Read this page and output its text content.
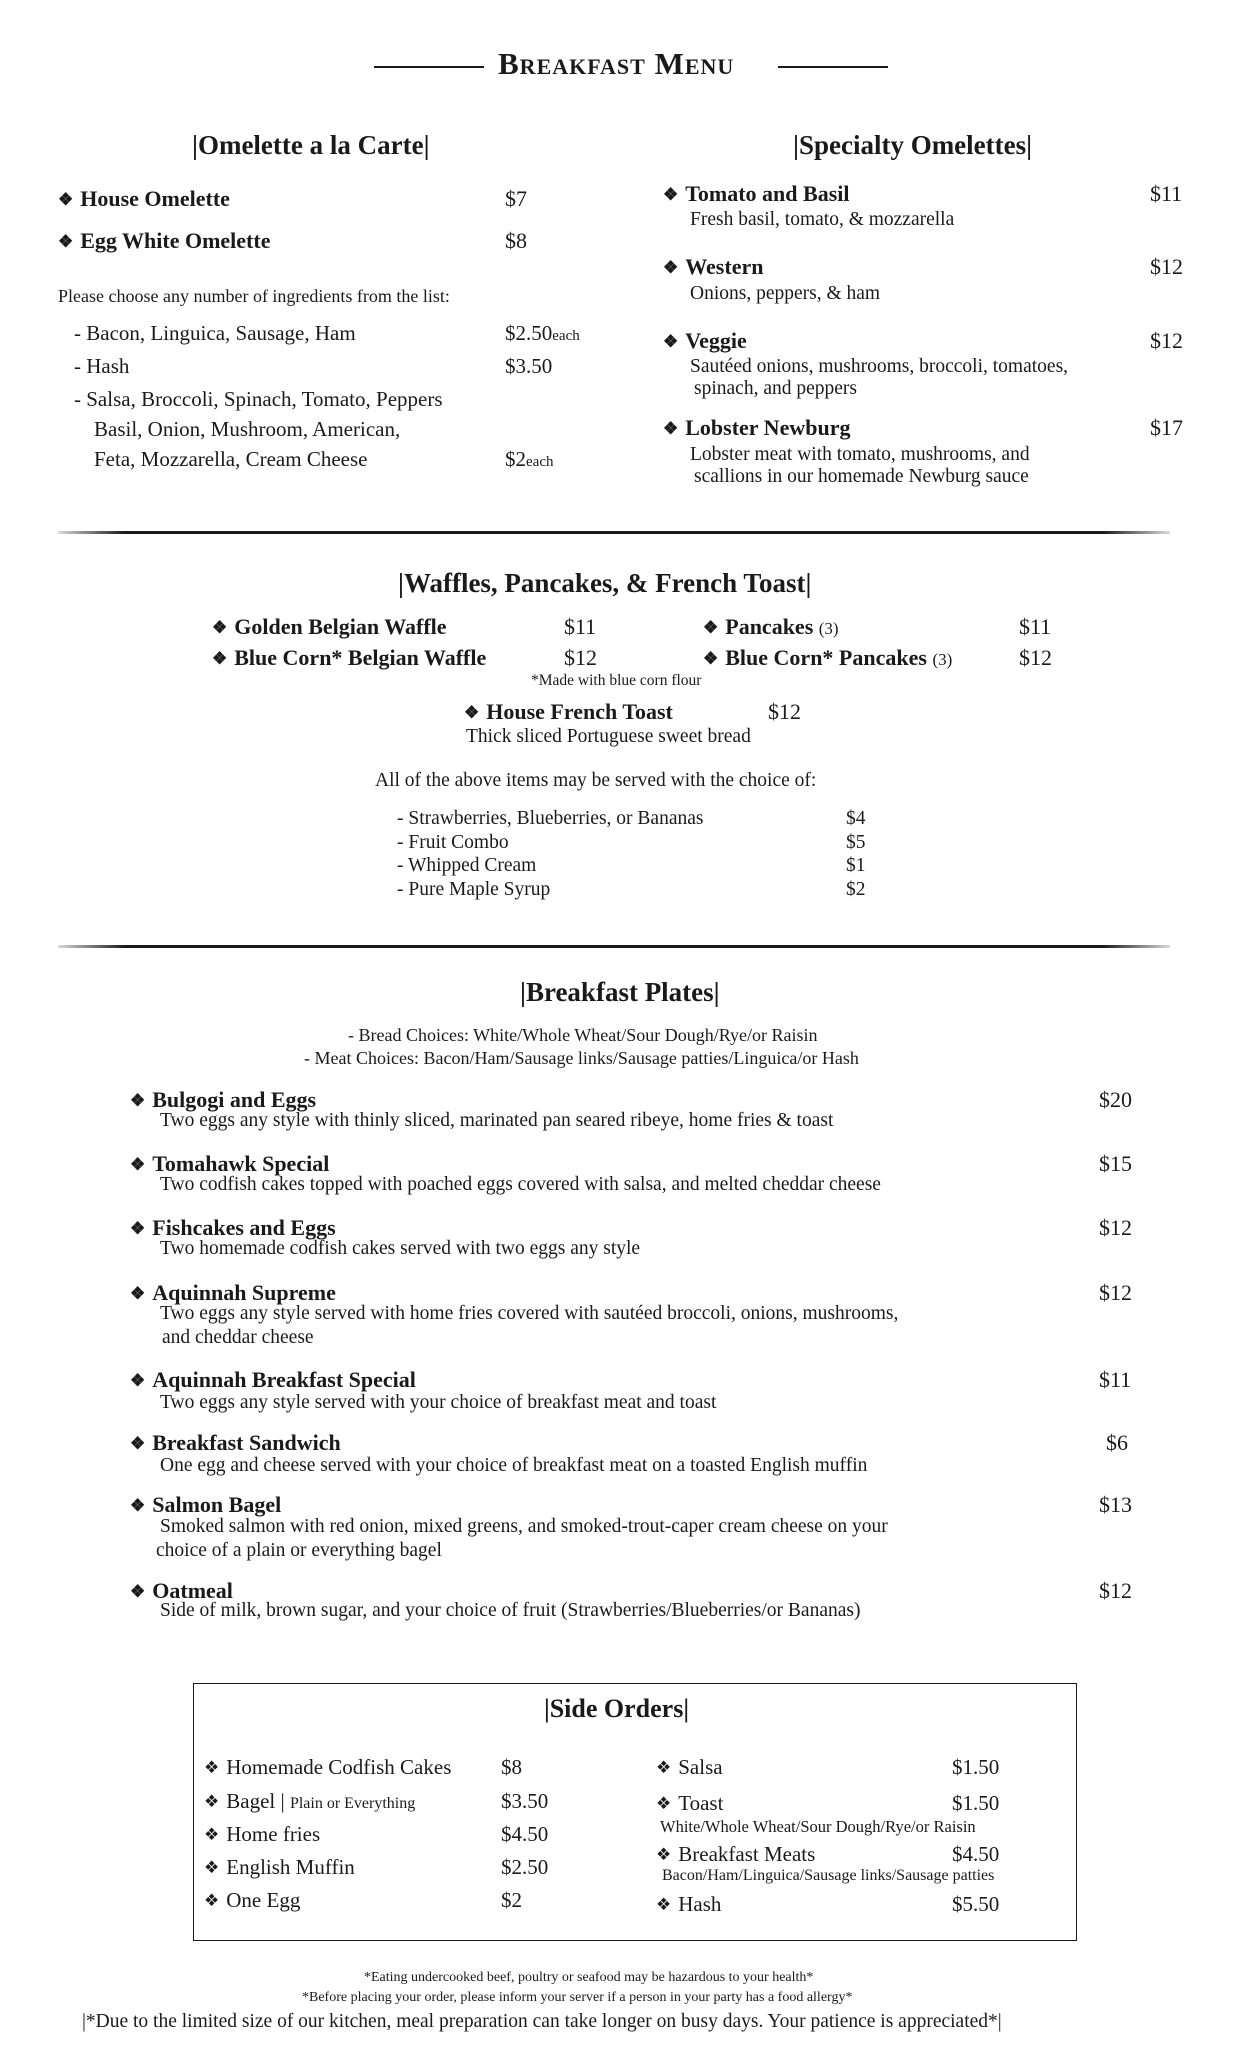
Breakfast Menu
|Omelette a la Carte|
❖ House Omelette	$7
❖ Egg White Omelette	$8
Please choose any number of ingredients from the list:
- Bacon, Linguica, Sausage, Ham	$2.50each
- Hash	$3.50
- Salsa, Broccoli, Spinach, Tomato, Peppers
Basil, Onion, Mushroom, American,
Feta, Mozzarella, Cream Cheese	$2each
|Specialty Omelettes|
❖ Tomato and Basil	$11
Fresh basil, tomato, & mozzarella
❖ Western	$12
Onions, peppers, & ham
❖ Veggie	$12
Sautéed onions, mushrooms, broccoli, tomatoes,
spinach, and peppers
❖ Lobster Newburg	$17
Lobster meat with tomato, mushrooms, and
scallions in our homemade Newburg sauce
|Waffles, Pancakes, & French Toast|
❖ Golden Belgian Waffle	$11
❖ Blue Corn* Belgian Waffle	$12
❖ Pancakes (3)	$11
❖ Blue Corn* Pancakes (3)	$12
*Made with blue corn flour
❖ House French Toast	$12
Thick sliced Portuguese sweet bread
All of the above items may be served with the choice of:
- Strawberries, Blueberries, or Bananas	$4
- Fruit Combo	$5
- Whipped Cream	$1
- Pure Maple Syrup	$2
|Breakfast Plates|
- Bread Choices: White/Whole Wheat/Sour Dough/Rye/or Raisin
- Meat Choices: Bacon/Ham/Sausage links/Sausage patties/Linguica/or Hash
❖ Bulgogi and Eggs	$20
Two eggs any style with thinly sliced, marinated pan seared ribeye, home fries & toast
❖ Tomahawk Special	$15
Two codfish cakes topped with poached eggs covered with salsa, and melted cheddar cheese
❖ Fishcakes and Eggs	$12
Two homemade codfish cakes served with two eggs any style
❖ Aquinnah Supreme	$12
Two eggs any style served with home fries covered with sautéed broccoli, onions, mushrooms,
and cheddar cheese
❖ Aquinnah Breakfast Special	$11
Two eggs any style served with your choice of breakfast meat and toast
❖ Breakfast Sandwich	$6
One egg and cheese served with your choice of breakfast meat on a toasted English muffin
❖ Salmon Bagel	$13
Smoked salmon with red onion, mixed greens, and smoked-trout-caper cream cheese on your
choice of a plain or everything bagel
❖ Oatmeal	$12
Side of milk, brown sugar, and your choice of fruit (Strawberries/Blueberries/or Bananas)
|Side Orders|
❖ Homemade Codfish Cakes $8
❖ Bagel | Plain or Everything	$3.50
❖ Home fries	$4.50
❖ English Muffin	$2.50
❖ One Egg	$2
❖ Salsa	$1.50
❖ Toast	$1.50
White/Whole Wheat/Sour Dough/Rye/or Raisin
❖ Breakfast Meats	$4.50
Bacon/Ham/Linguica/Sausage links/Sausage patties
❖ Hash	$5.50
*Eating undercooked beef, poultry or seafood may be hazardous to your health*
*Before placing your order, please inform your server if a person in your party has a food allergy*
|*Due to the limited size of our kitchen, meal preparation can take longer on busy days. Your patience is appreciated*|
